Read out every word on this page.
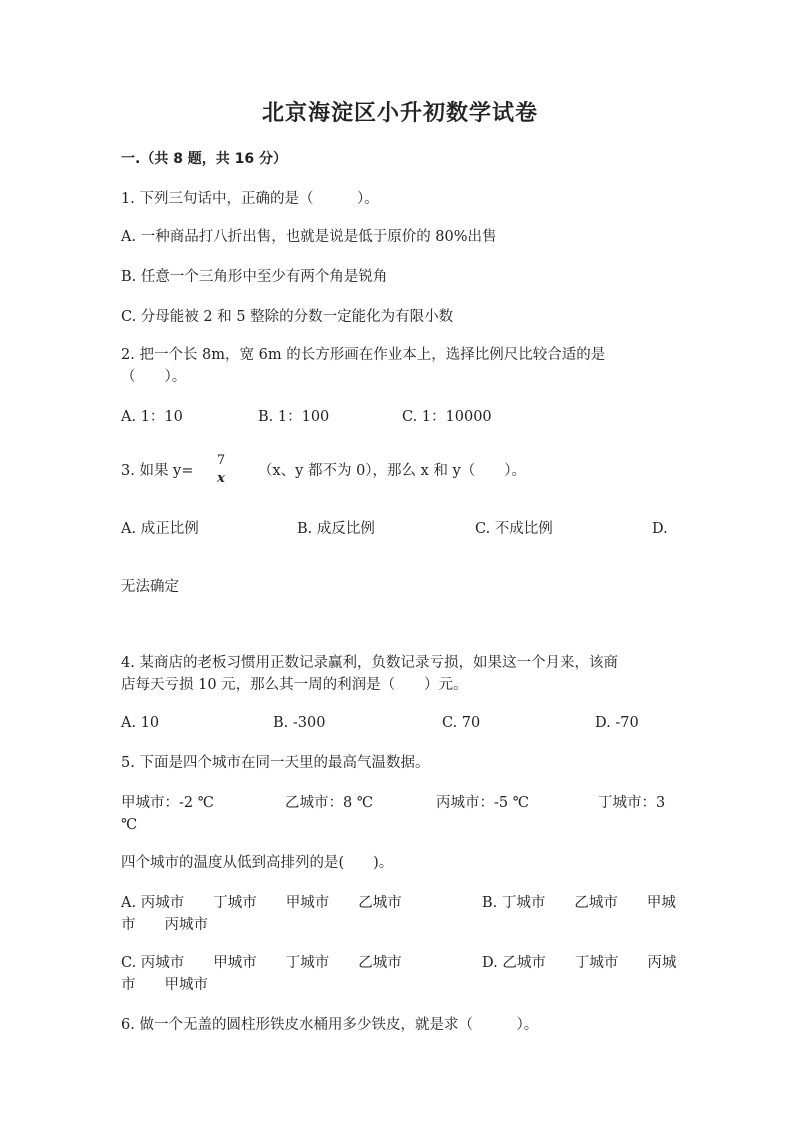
北京海淀区小升初数学试卷
一.（共 8 题，共 16 分）
1. 下列三句话中，正确的是（　　　）。
A. 一种商品打八折出售，也就是说是低于原价的 80%出售
B. 任意一个三角形中至少有两个角是锐角
C. 分母能被 2 和 5 整除的分数一定能化为有限小数
2. 把一个长 8m，宽 6m 的长方形画在作业本上，选择比例尺比较合适的是
（　　）。
A. 1：10	B. 1：100	C. 1：10000
3. 如果 y=
7
x	（x、y 都不为 0），那么 x 和 y（　　）。
A. 成正比例	B. 成反比例	C. 不成比例	D.
无法确定
4. 某商店的老板习惯用正数记录赢利，负数记录亏损，如果这一个月来，该商
店每天亏损 10 元，那么其一周的利润是（　　）元。
A. 10	B. -300	C. 70	D. -70
5. 下面是四个城市在同一天里的最高气温数据。
甲城市：-2 ℃	乙城市：8 ℃	丙城市：-5 ℃	丁城市：3
℃
四个城市的温度从低到高排列的是(　　)。
A. 丙城市　　丁城市　　甲城市　　乙城市	B. 丁城市　　乙城市　　甲城
市　　丙城市
C. 丙城市　　甲城市　　丁城市　　乙城市	D. 乙城市　　丁城市　　丙城
市　　甲城市
6. 做一个无盖的圆柱形铁皮水桶用多少铁皮，就是求（　　　）。
